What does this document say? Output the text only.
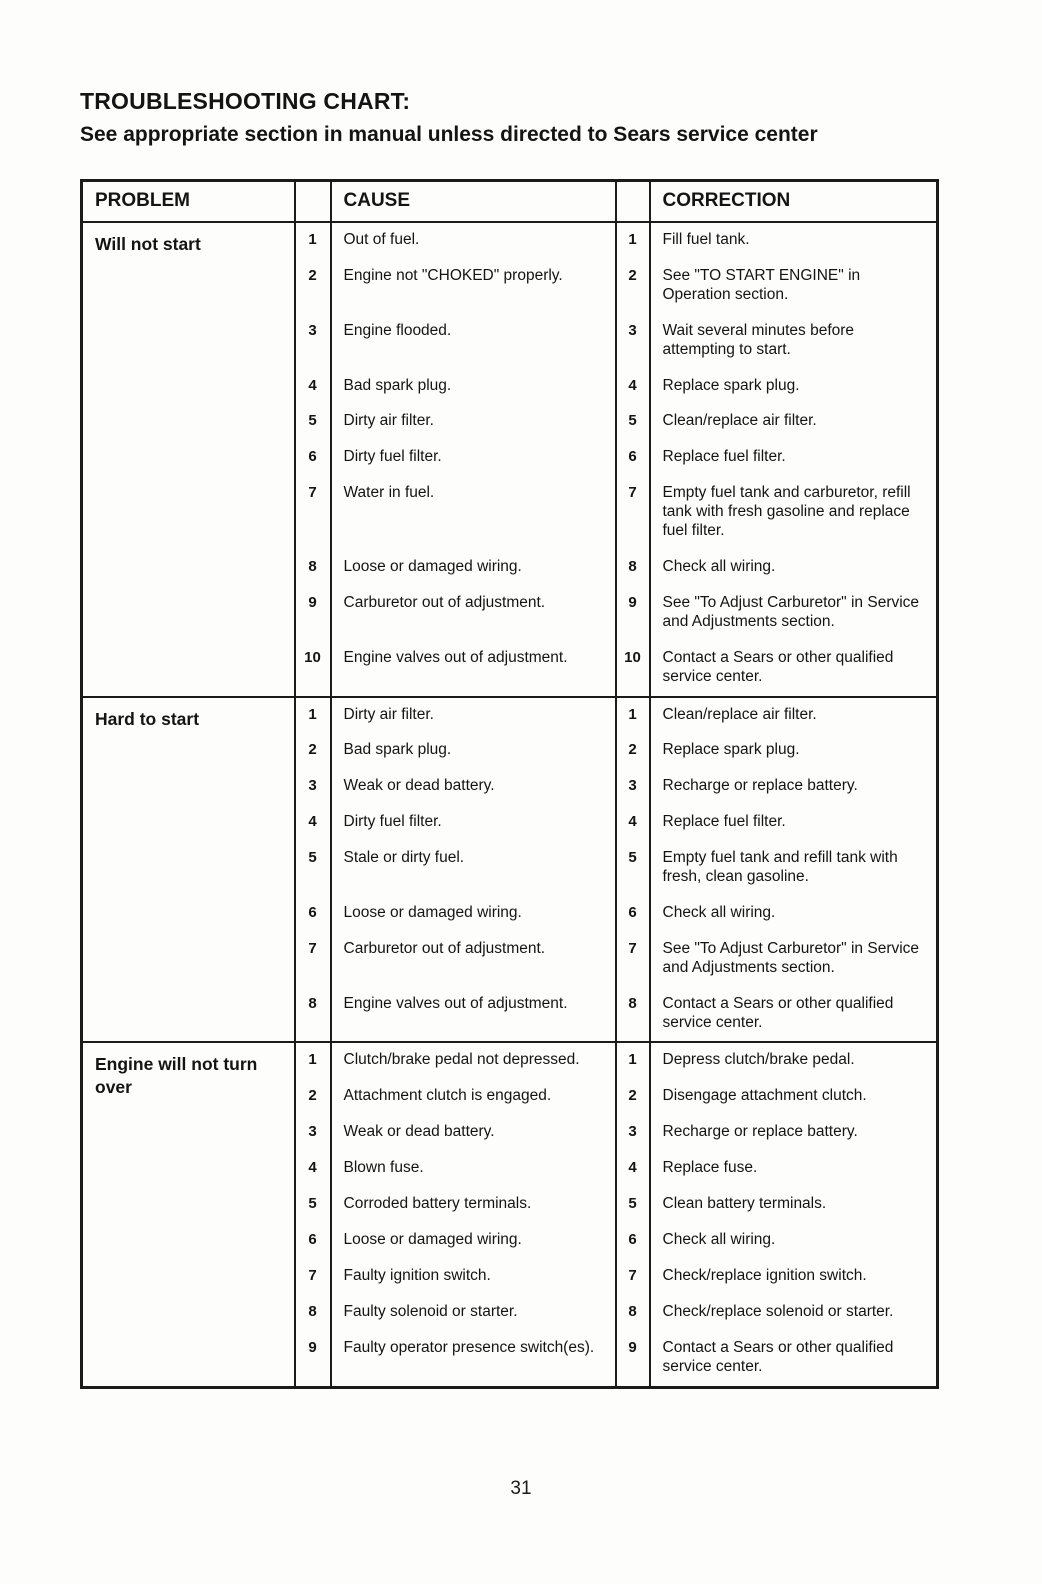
TROUBLESHOOTING CHART:
See appropriate section in manual unless directed to Sears service center
PROBLEM		CAUSE		CORRECTION
Will not start	1	Out of fuel.	1	Fill fuel tank.
	2	Engine not "CHOKED" properly.	2	See "TO START ENGINE" in Operation section.
	3	Engine flooded.	3	Wait several minutes before attempting to start.
	4	Bad spark plug.	4	Replace spark plug.
	5	Dirty air filter.	5	Clean/replace air filter.
	6	Dirty fuel filter.	6	Replace fuel filter.
	7	Water in fuel.	7	Empty fuel tank and carburetor, refill tank with fresh gasoline and replace fuel filter.
	8	Loose or damaged wiring.	8	Check all wiring.
	9	Carburetor out of adjustment.	9	See "To Adjust Carburetor" in Service and Adjustments section.
	10	Engine valves out of adjustment.	10	Contact a Sears or other qualified service center.
Hard to start	1	Dirty air filter.	1	Clean/replace air filter.
	2	Bad spark plug.	2	Replace spark plug.
	3	Weak or dead battery.	3	Recharge or replace battery.
	4	Dirty fuel filter.	4	Replace fuel filter.
	5	Stale or dirty fuel.	5	Empty fuel tank and refill tank with fresh, clean gasoline.
	6	Loose or damaged wiring.	6	Check all wiring.
	7	Carburetor out of adjustment.	7	See "To Adjust Carburetor" in Service and Adjustments section.
	8	Engine valves out of adjustment.	8	Contact a Sears or other qualified service center.
Engine will not turn over	1	Clutch/brake pedal not depressed.	1	Depress clutch/brake pedal.
	2	Attachment clutch is engaged.	2	Disengage attachment clutch.
	3	Weak or dead battery.	3	Recharge or replace battery.
	4	Blown fuse.	4	Replace fuse.
	5	Corroded battery terminals.	5	Clean battery terminals.
	6	Loose or damaged wiring.	6	Check all wiring.
	7	Faulty ignition switch.	7	Check/replace ignition switch.
	8	Faulty solenoid or starter.	8	Check/replace solenoid or starter.
	9	Faulty operator presence switch(es).	9	Contact a Sears or other qualified service center.
31
